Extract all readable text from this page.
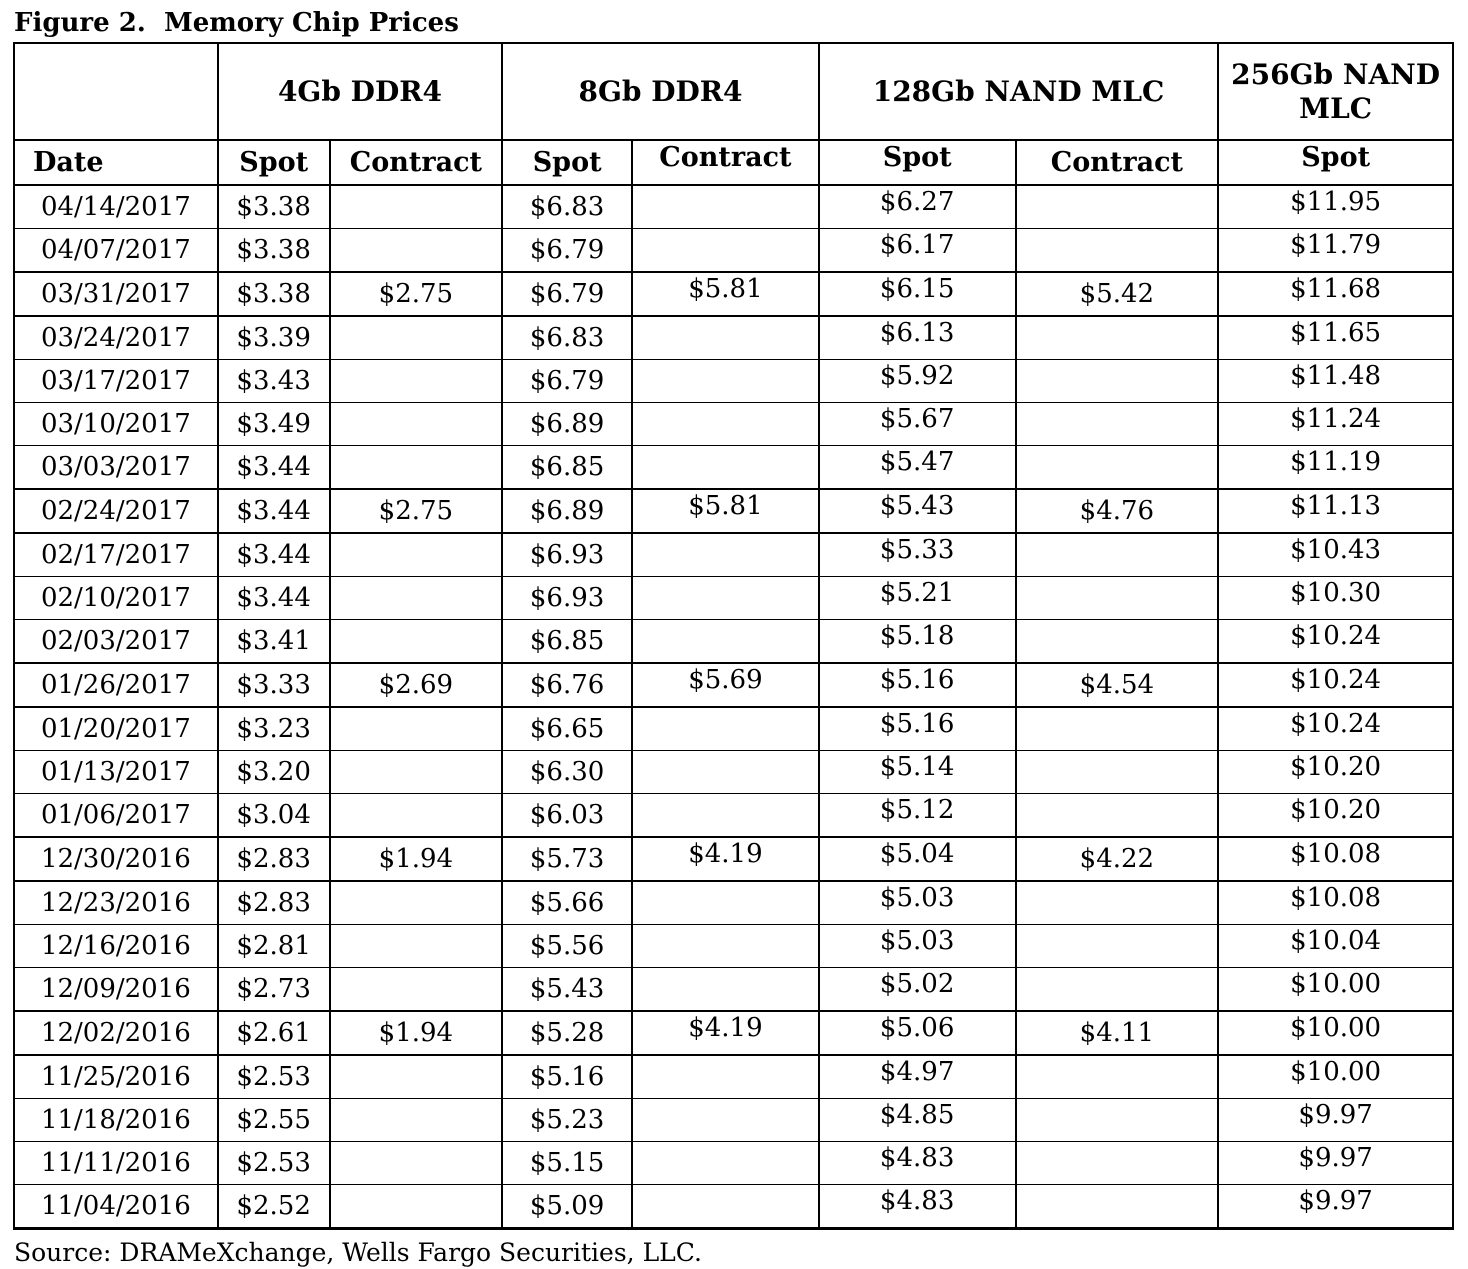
Figure 2.  Memory Chip Prices
	4Gb DDR4		8Gb DDR4		128Gb NAND MLC		256Gb NAND MLC
Date	Spot	Contract	Spot	Contract	Spot	Contract	Spot
04/14/2017	$3.38		$6.83		$6.27		$11.95
04/07/2017	$3.38		$6.79		$6.17		$11.79
03/31/2017	$3.38	$2.75	$6.79	$5.81	$6.15	$5.42	$11.68
03/24/2017	$3.39		$6.83		$6.13		$11.65
03/17/2017	$3.43		$6.79		$5.92		$11.48
03/10/2017	$3.49		$6.89		$5.67		$11.24
03/03/2017	$3.44		$6.85		$5.47		$11.19
02/24/2017	$3.44	$2.75	$6.89	$5.81	$5.43	$4.76	$11.13
02/17/2017	$3.44		$6.93		$5.33		$10.43
02/10/2017	$3.44		$6.93		$5.21		$10.30
02/03/2017	$3.41		$6.85		$5.18		$10.24
01/26/2017	$3.33	$2.69	$6.76	$5.69	$5.16	$4.54	$10.24
01/20/2017	$3.23		$6.65		$5.16		$10.24
01/13/2017	$3.20		$6.30		$5.14		$10.20
01/06/2017	$3.04		$6.03		$5.12		$10.20
12/30/2016	$2.83	$1.94	$5.73	$4.19	$5.04	$4.22	$10.08
12/23/2016	$2.83		$5.66		$5.03		$10.08
12/16/2016	$2.81		$5.56		$5.03		$10.04
12/09/2016	$2.73		$5.43		$5.02		$10.00
12/02/2016	$2.61	$1.94	$5.28	$4.19	$5.06	$4.11	$10.00
11/25/2016	$2.53		$5.16		$4.97		$10.00
11/18/2016	$2.55		$5.23		$4.85		$9.97
11/11/2016	$2.53		$5.15		$4.83		$9.97
11/04/2016	$2.52		$5.09		$4.83		$9.97
Source: DRAMeXchange, Wells Fargo Securities, LLC.
